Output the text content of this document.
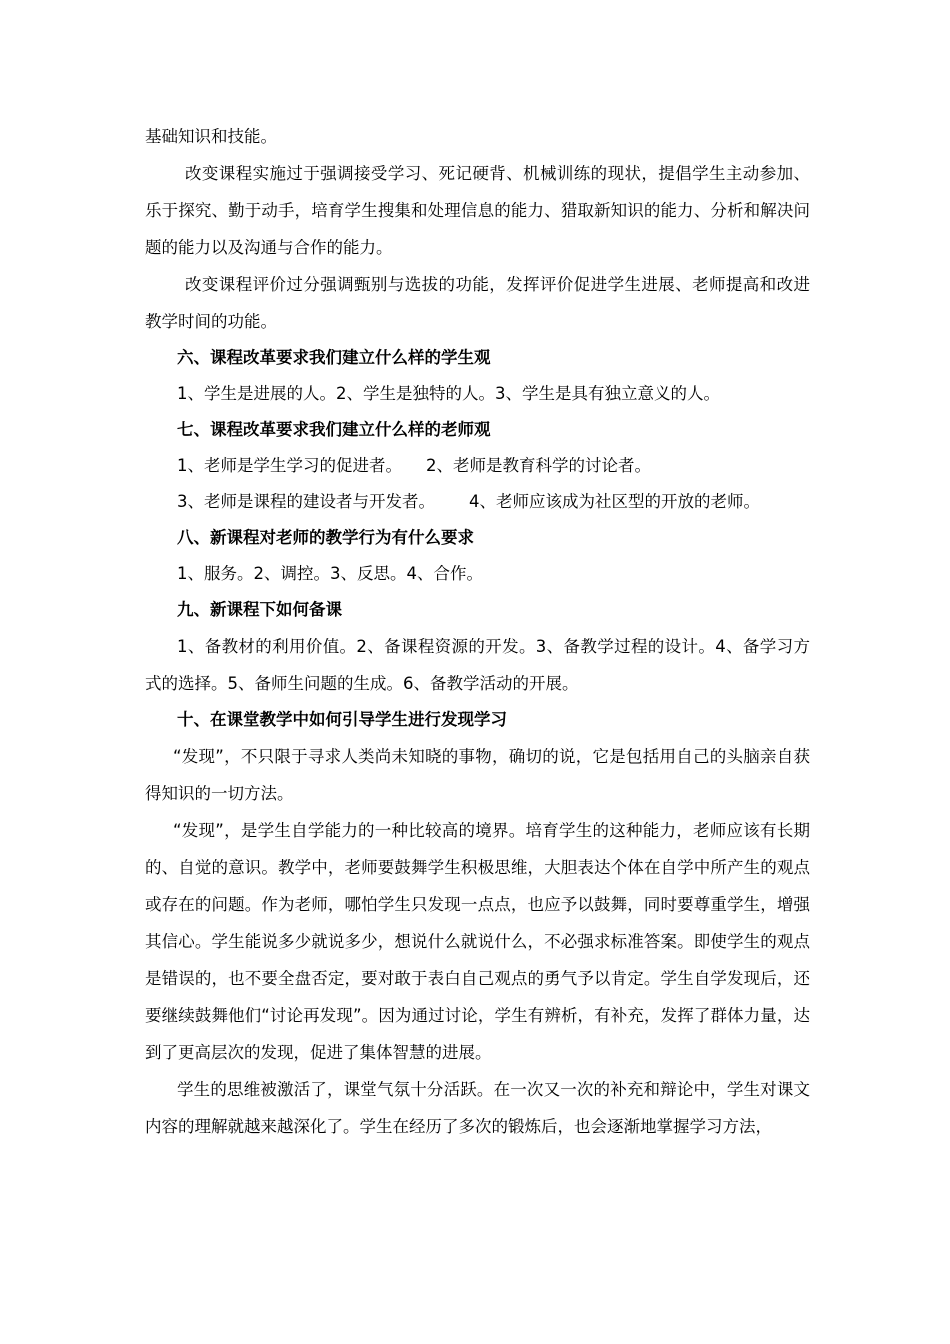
基础知识和技能。

改变课程实施过于强调接受学习、死记硬背、机械训练的现状，提倡学生主动参加、乐于探究、勤于动手，培育学生搜集和处理信息的能力、猎取新知识的能力、分析和解决问题的能力以及沟通与合作的能力。

改变课程评价过分强调甄别与选拔的功能，发挥评价促进学生进展、老师提高和改进教学时间的功能。

六、课程改革要求我们建立什么样的学生观

1、学生是进展的人。2、学生是独特的人。3、学生是具有独立意义的人。

七、课程改革要求我们建立什么样的老师观

1、老师是学生学习的促进者。 2、老师是教育科学的讨论者。

3、老师是课程的建设者与开发者。 4、老师应该成为社区型的开放的老师。

八、新课程对老师的教学行为有什么要求

1、服务。2、调控。3、反思。4、合作。

九、新课程下如何备课

1、备教材的利用价值。2、备课程资源的开发。3、备教学过程的设计。4、备学习方式的选择。5、备师生问题的生成。6、备教学活动的开展。

十、在课堂教学中如何引导学生进行发现学习

“发现”，不只限于寻求人类尚未知晓的事物，确切的说，它是包括用自己的头脑亲自获得知识的一切方法。

“发现”，是学生自学能力的一种比较高的境界。培育学生的这种能力，老师应该有长期的、自觉的意识。教学中，老师要鼓舞学生积极思维，大胆表达个体在自学中所产生的观点或存在的问题。作为老师，哪怕学生只发现一点点，也应予以鼓舞，同时要尊重学生，增强其信心。学生能说多少就说多少，想说什么就说什么，不必强求标准答案。即使学生的观点是错误的，也不要全盘否定，要对敢于表白自己观点的勇气予以肯定。学生自学发现后，还要继续鼓舞他们“讨论再发现”。因为通过讨论，学生有辨析，有补充，发挥了群体力量，达到了更高层次的发现，促进了集体智慧的进展。

学生的思维被激活了，课堂气氛十分活跃。在一次又一次的补充和辩论中，学生对课文内容的理解就越来越深化了。学生在经历了多次的锻炼后，也会逐渐地掌握学习方法，
